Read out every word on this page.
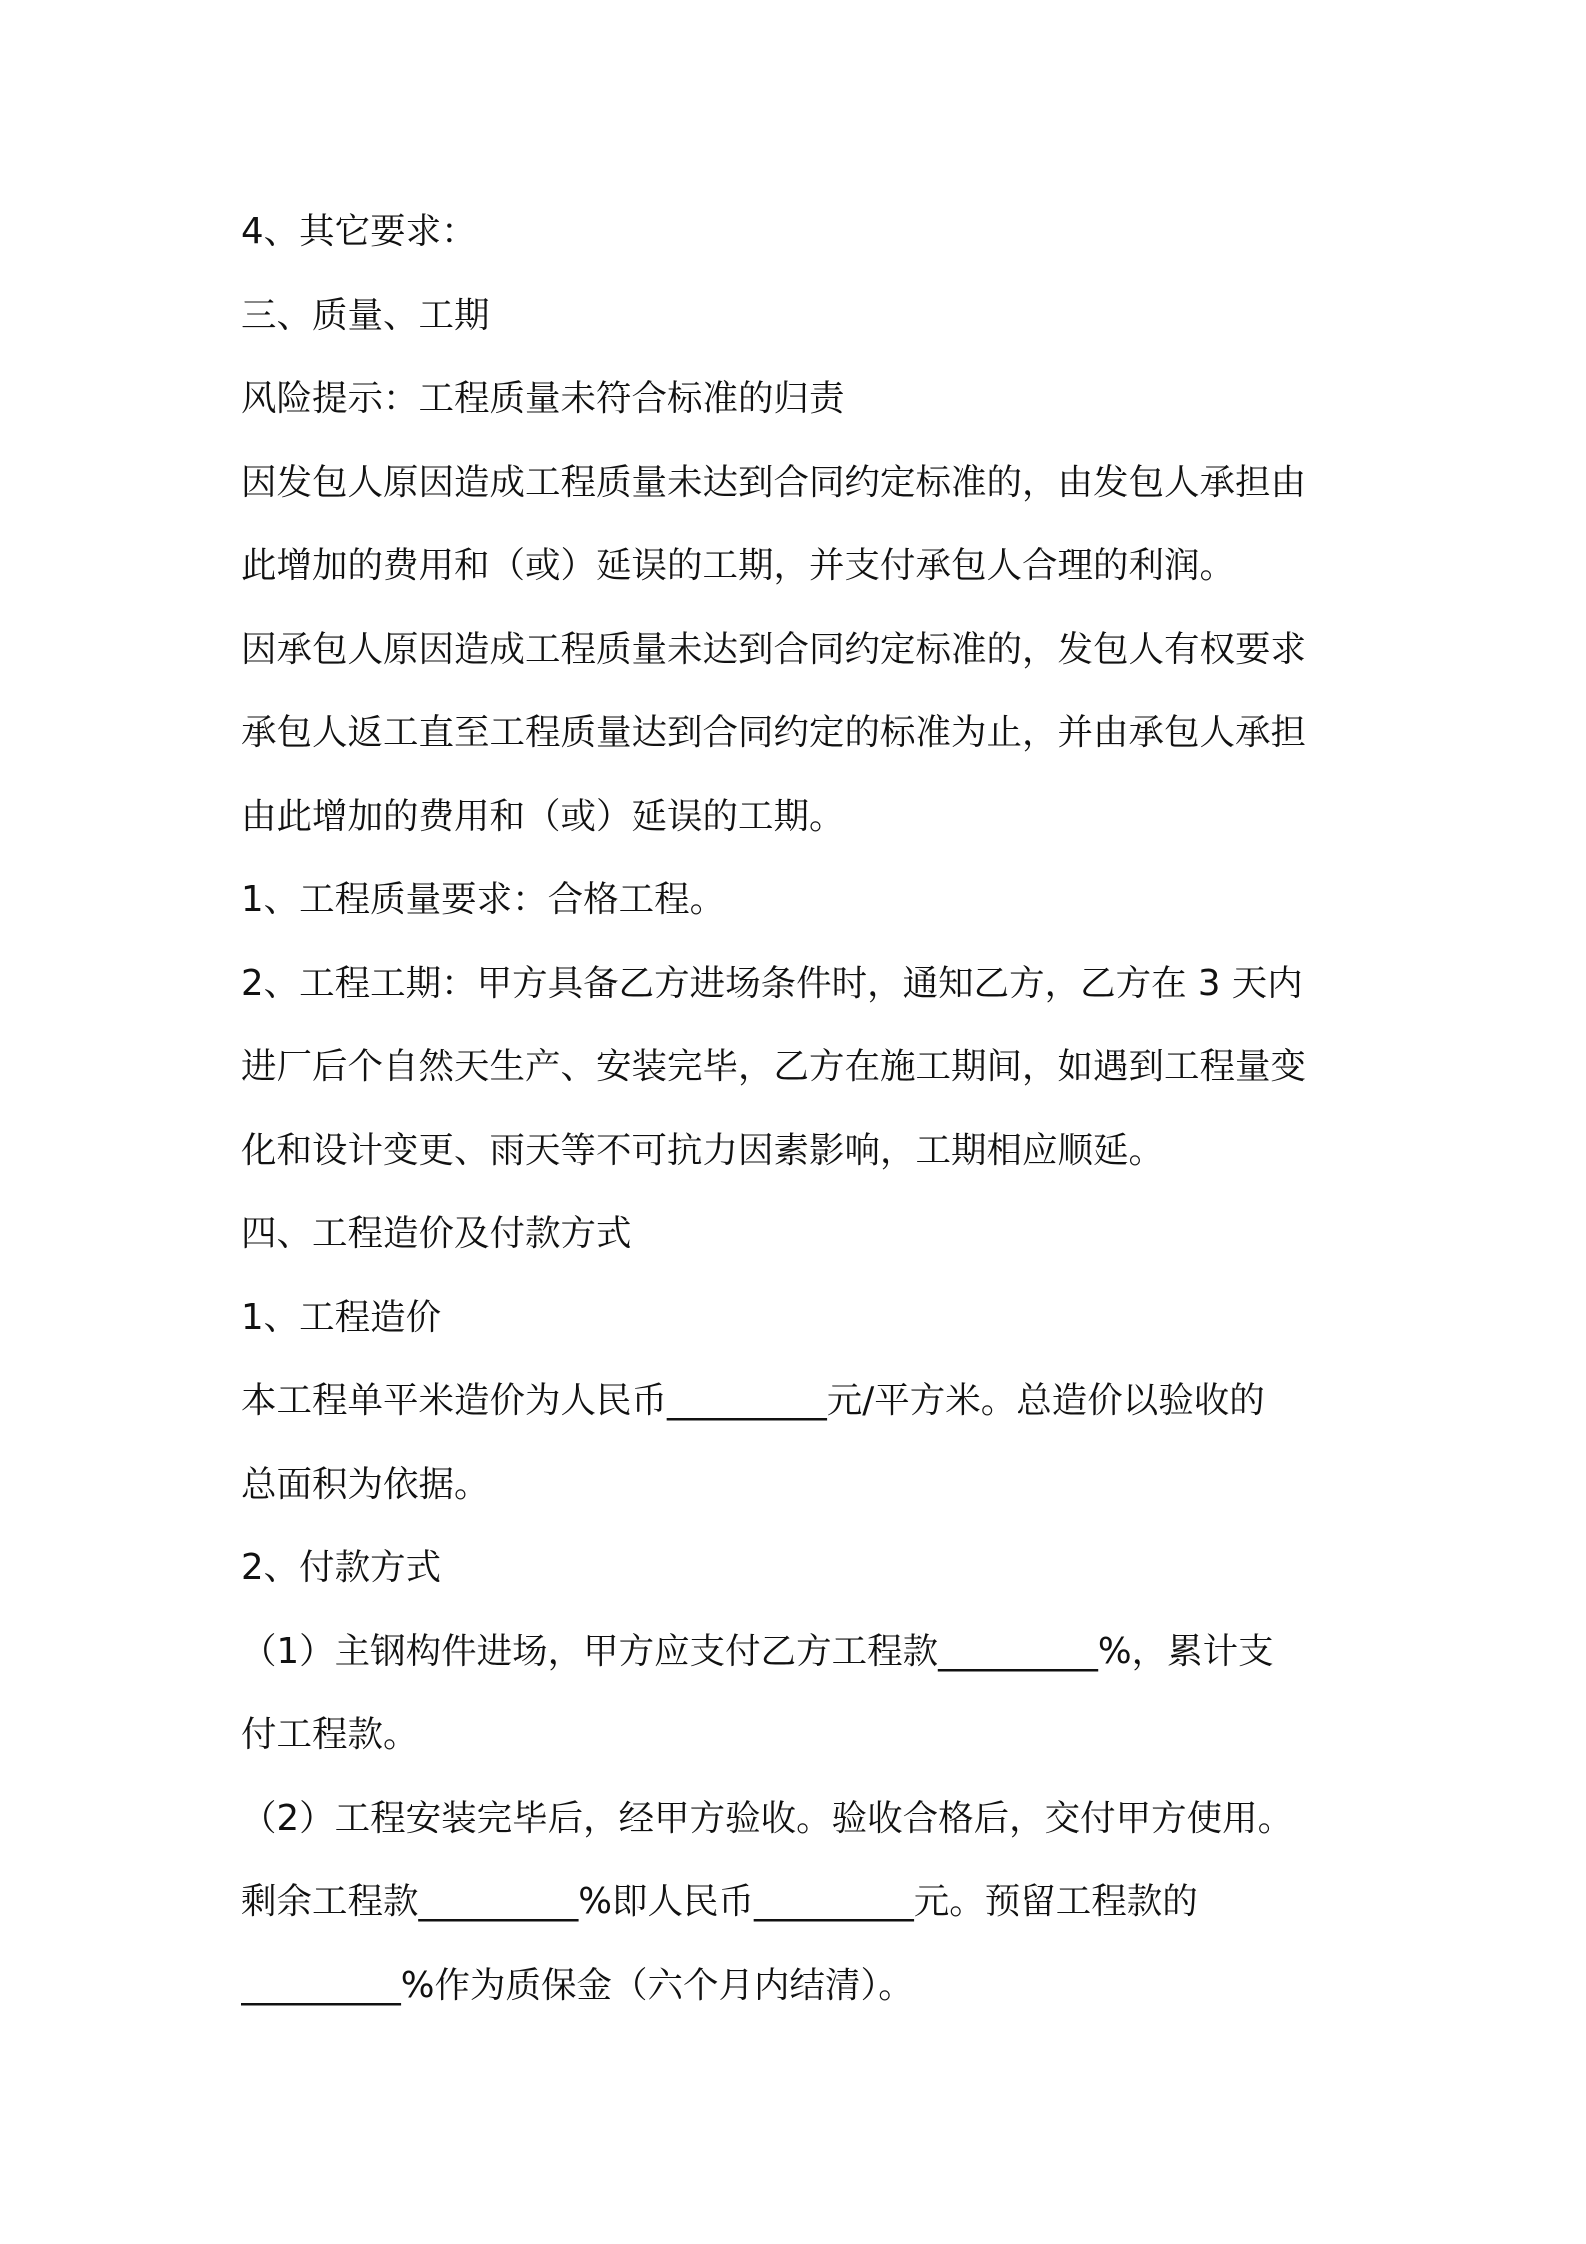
4、其它要求：
三、质量、工期
风险提示：工程质量未符合标准的归责
因发包人原因造成工程质量未达到合同约定标准的，由发包人承担由
此增加的费用和（或）延误的工期，并支付承包人合理的利润。
因承包人原因造成工程质量未达到合同约定标准的，发包人有权要求
承包人返工直至工程质量达到合同约定的标准为止，并由承包人承担
由此增加的费用和（或）延误的工期。
1、工程质量要求：合格工程。
2、工程工期：甲方具备乙方进场条件时，通知乙方，乙方在 3 天内
进厂后个自然天生产、安装完毕，乙方在施工期间，如遇到工程量变
化和设计变更、雨天等不可抗力因素影响，工期相应顺延。
四、工程造价及付款方式
1、工程造价
本工程单平米造价为人民币_________元/平方米。总造价以验收的
总面积为依据。
2、付款方式
（1）主钢构件进场，甲方应支付乙方工程款_________%，累计支
付工程款。
（2）工程安装完毕后，经甲方验收。验收合格后，交付甲方使用。
剩余工程款_________%即人民币_________元。预留工程款的
_________%作为质保金（六个月内结清）。
